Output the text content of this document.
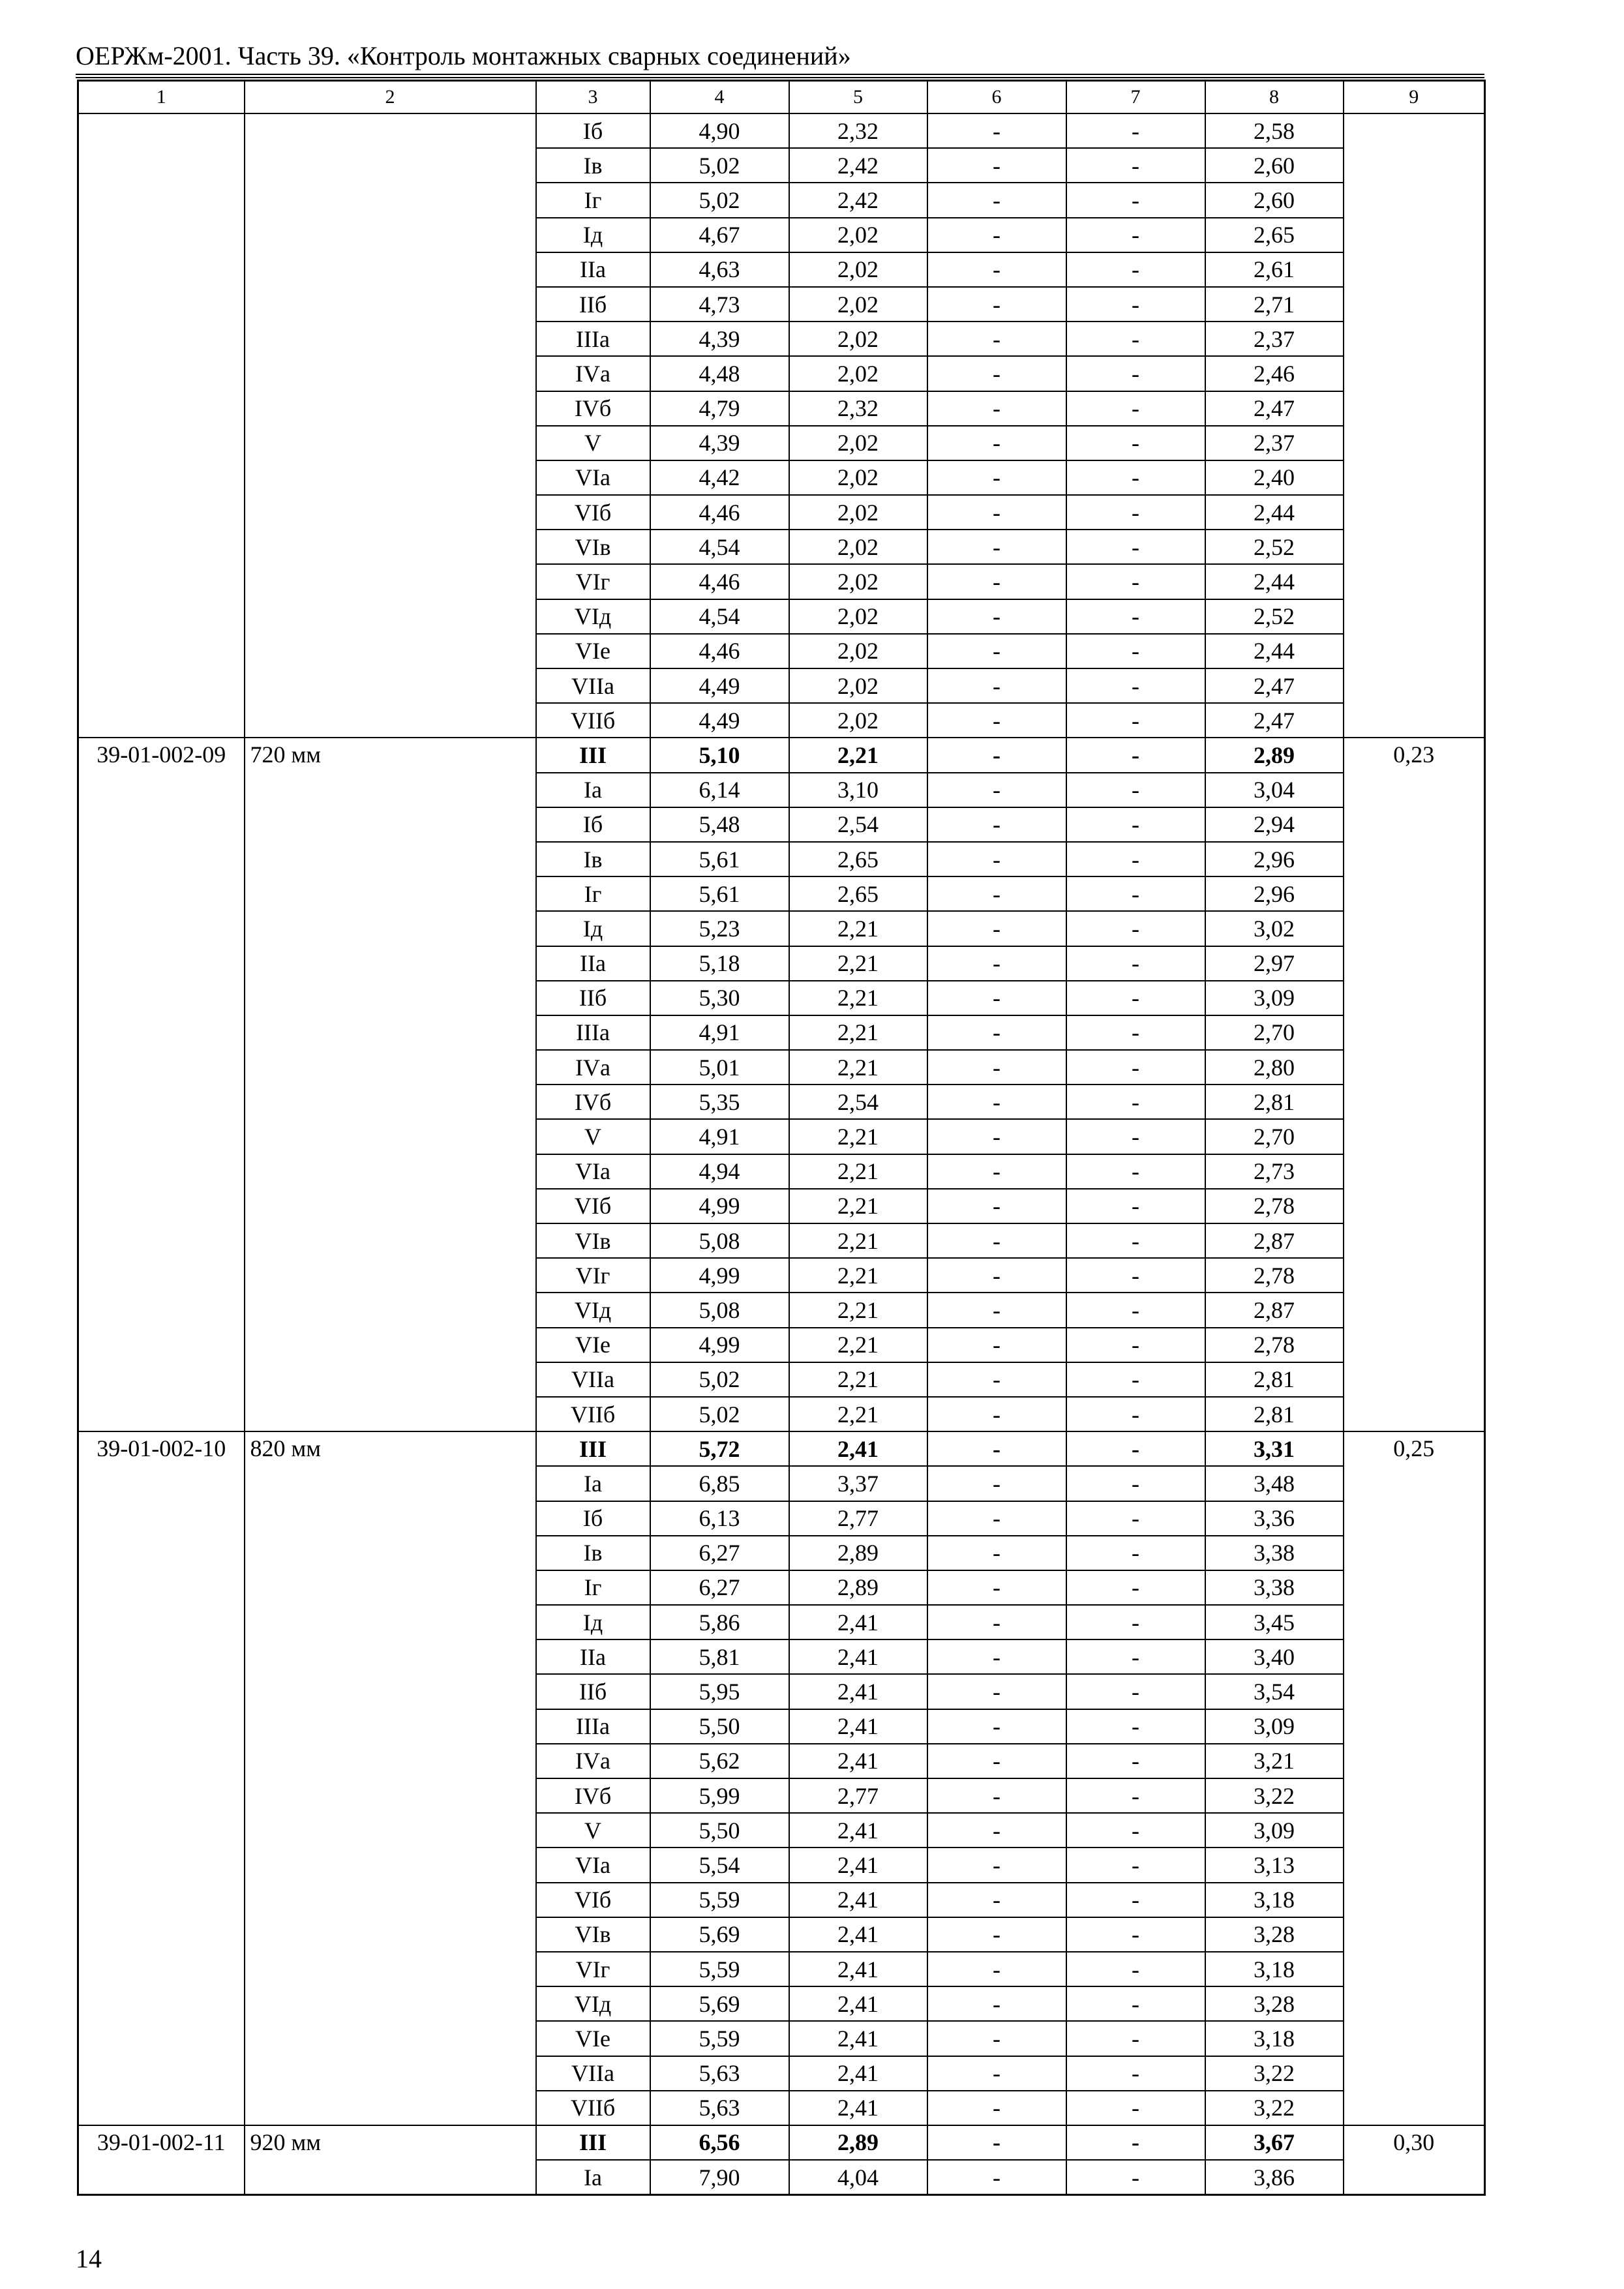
ОЕРЖм-2001. Часть 39. «Контроль монтажных сварных соединений»
1	2	3	4	5	6	7	8	9
		Iб	4,90	2,32	-	-	2,58	
		Iв	5,02	2,42	-	-	2,60	
		Iг	5,02	2,42	-	-	2,60	
		Iд	4,67	2,02	-	-	2,65	
		IIа	4,63	2,02	-	-	2,61	
		IIб	4,73	2,02	-	-	2,71	
		IIIа	4,39	2,02	-	-	2,37	
		IVа	4,48	2,02	-	-	2,46	
		IVб	4,79	2,32	-	-	2,47	
		V	4,39	2,02	-	-	2,37	
		VIа	4,42	2,02	-	-	2,40	
		VIб	4,46	2,02	-	-	2,44	
		VIв	4,54	2,02	-	-	2,52	
		VIг	4,46	2,02	-	-	2,44	
		VIд	4,54	2,02	-	-	2,52	
		VIе	4,46	2,02	-	-	2,44	
		VIIа	4,49	2,02	-	-	2,47	
		VIIб	4,49	2,02	-	-	2,47	
39-01-002-09	720 мм	III	5,10	2,21	-	-	2,89	0,23
		Iа	6,14	3,10	-	-	3,04	
		Iб	5,48	2,54	-	-	2,94	
		Iв	5,61	2,65	-	-	2,96	
		Iг	5,61	2,65	-	-	2,96	
		Iд	5,23	2,21	-	-	3,02	
		IIа	5,18	2,21	-	-	2,97	
		IIб	5,30	2,21	-	-	3,09	
		IIIа	4,91	2,21	-	-	2,70	
		IVа	5,01	2,21	-	-	2,80	
		IVб	5,35	2,54	-	-	2,81	
		V	4,91	2,21	-	-	2,70	
		VIа	4,94	2,21	-	-	2,73	
		VIб	4,99	2,21	-	-	2,78	
		VIв	5,08	2,21	-	-	2,87	
		VIг	4,99	2,21	-	-	2,78	
		VIд	5,08	2,21	-	-	2,87	
		VIе	4,99	2,21	-	-	2,78	
		VIIа	5,02	2,21	-	-	2,81	
		VIIб	5,02	2,21	-	-	2,81	
39-01-002-10	820 мм	III	5,72	2,41	-	-	3,31	0,25
		Iа	6,85	3,37	-	-	3,48	
		Iб	6,13	2,77	-	-	3,36	
		Iв	6,27	2,89	-	-	3,38	
		Iг	6,27	2,89	-	-	3,38	
		Iд	5,86	2,41	-	-	3,45	
		IIа	5,81	2,41	-	-	3,40	
		IIб	5,95	2,41	-	-	3,54	
		IIIа	5,50	2,41	-	-	3,09	
		IVа	5,62	2,41	-	-	3,21	
		IVб	5,99	2,77	-	-	3,22	
		V	5,50	2,41	-	-	3,09	
		VIа	5,54	2,41	-	-	3,13	
		VIб	5,59	2,41	-	-	3,18	
		VIв	5,69	2,41	-	-	3,28	
		VIг	5,59	2,41	-	-	3,18	
		VIд	5,69	2,41	-	-	3,28	
		VIе	5,59	2,41	-	-	3,18	
		VIIа	5,63	2,41	-	-	3,22	
		VIIб	5,63	2,41	-	-	3,22	
39-01-002-11	920 мм	III	6,56	2,89	-	-	3,67	0,30
		Iа	7,90	4,04	-	-	3,86	
14
